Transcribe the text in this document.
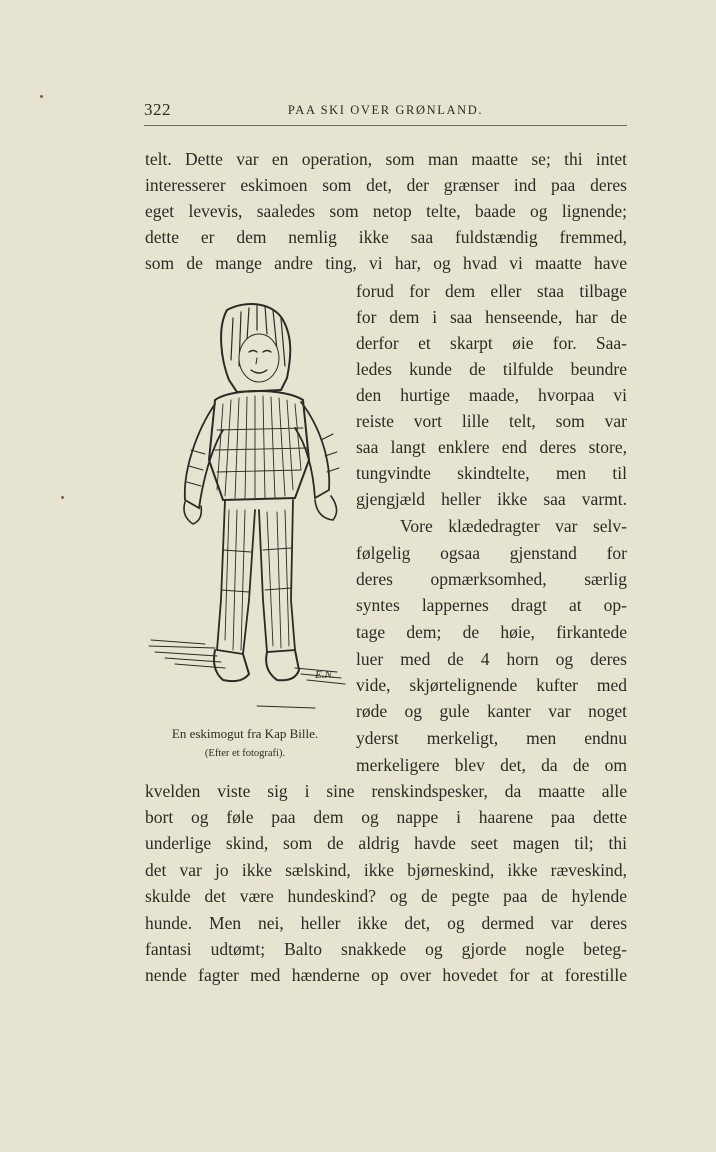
322	PAA SKI OVER GRØNLAND.
telt. Dette var en operation, som man maatte se; thi intet
interesserer eskimoen som det, der grænser ind paa deres
eget levevis, saaledes som netop telte, baade og lignende;
dette er dem nemlig ikke saa fuldstændig fremmed,
som de mange andre ting, vi har, og hvad vi maatte have
forud for dem eller staa tilbage
for dem i saa henseende, har de
derfor et skarpt øie for. Saa-
ledes kunde de tilfulde beundre
den hurtige maade, hvorpaa vi
reiste vort lille telt, som var
saa langt enklere end deres store,
tungvindte skindtelte, men til
gjengjæld heller ikke saa varmt.
Vore klædedragter var selv-
følgelig ogsaa gjenstand for
deres opmærksomhed, særlig
syntes lappernes dragt at op-
tage dem; de høie, firkantede
luer med de 4 horn og deres
vide, skjørtelignende kufter med
røde og gule kanter var noget
yderst merkeligt, men endnu
merkeligere blev det, da de om
kvelden viste sig i sine renskindspesker, da maatte alle
bort og føle paa dem og nappe i haarene paa dette
underlige skind, som de aldrig havde seet magen til; thi
det var jo ikke sælskind, ikke bjørneskind, ikke ræveskind,
skulde det være hundeskind? og de pegte paa de hylende
hunde. Men nei, heller ikke det, og dermed var deres
fantasi udtømt; Balto snakkede og gjorde nogle beteg-
nende fagter med hænderne op over hovedet for at forestille
E.N.
En eskimogut fra Kap Bille.
(Efter et fotografi).
